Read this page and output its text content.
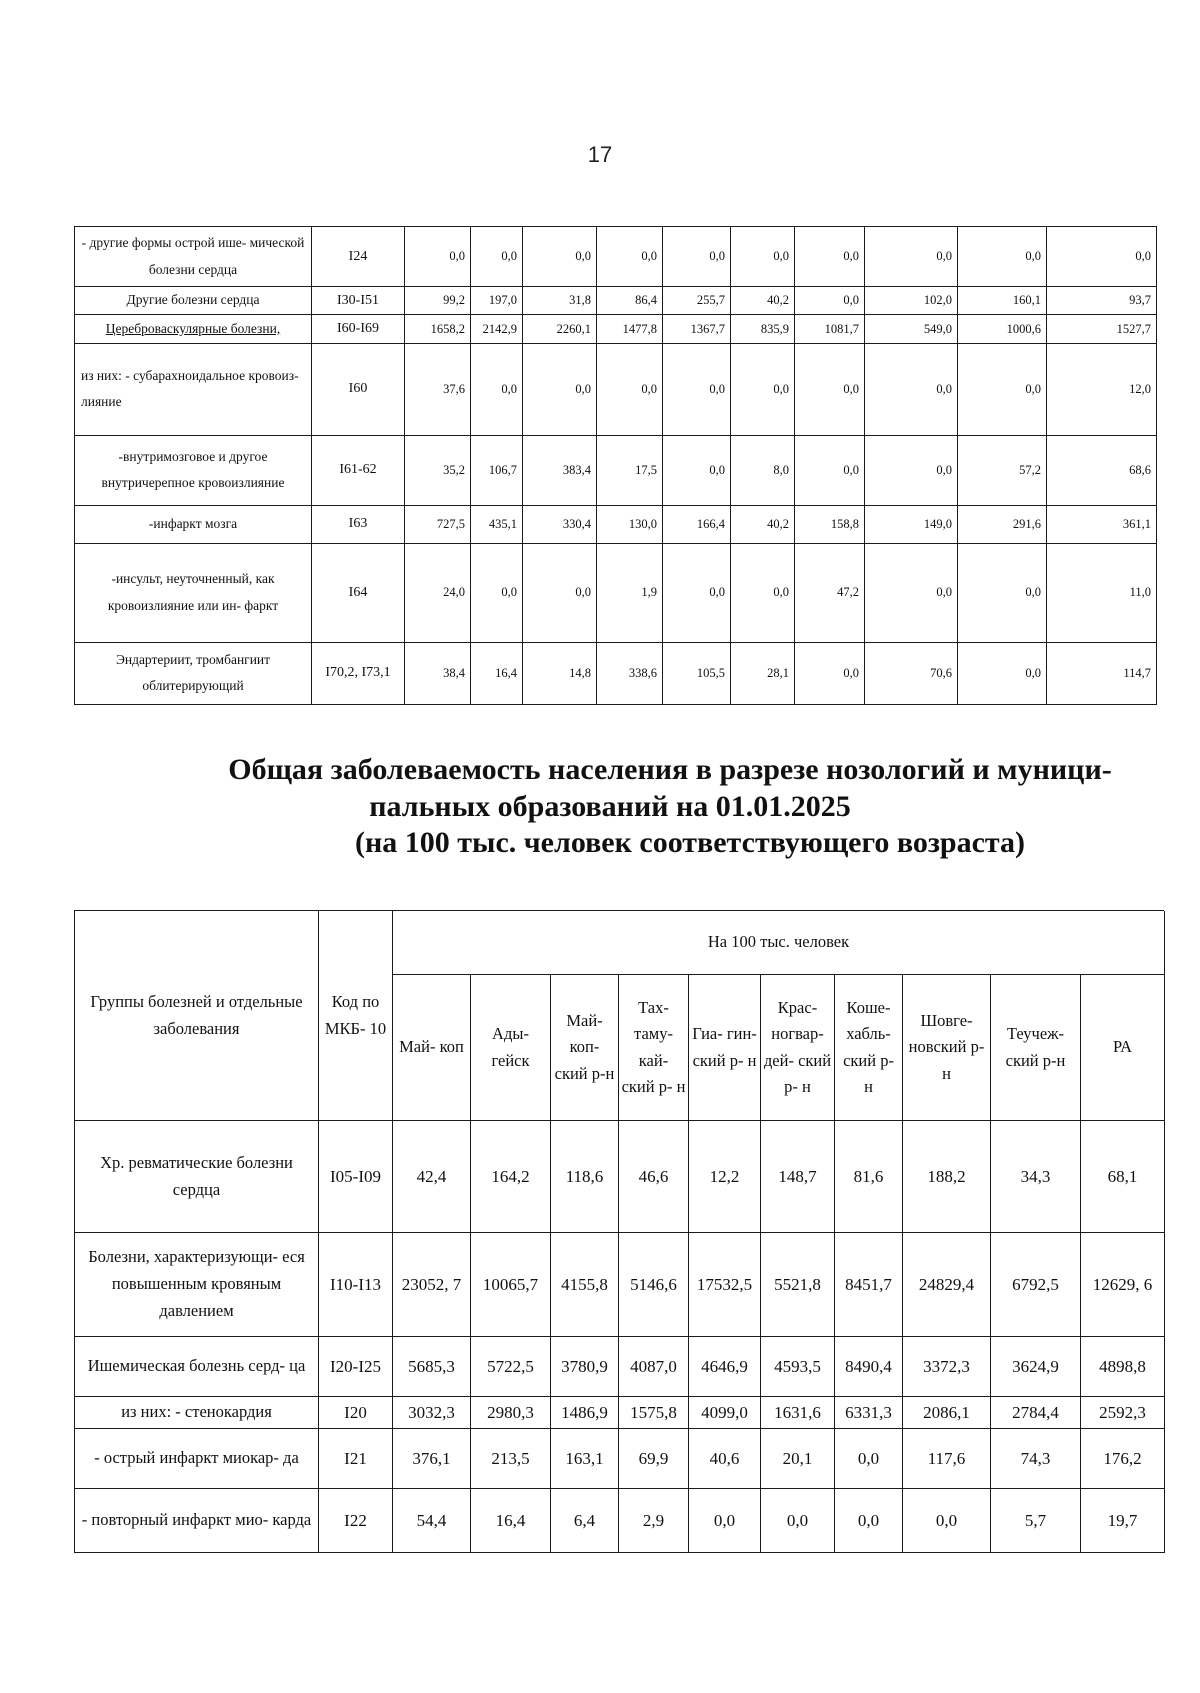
17
- другие формы острой ише- мической болезни сердца	I24	0,0	0,0	0,0	0,0	0,0	0,0	0,0	0,0	0,0	0,0
Другие болезни сердца	I30-I51	99,2	197,0	31,8	86,4	255,7	40,2	0,0	102,0	160,1	93,7
Цереброваскулярные болезни,	I60-I69	1658,2	2142,9	2260,1	1477,8	1367,7	835,9	1081,7	549,0	1000,6	1527,7
из них: - субарахноидальное кровоиз- лияние	I60	37,6	0,0	0,0	0,0	0,0	0,0	0,0	0,0	0,0	12,0
-внутримозговое и другое внутричерепное кровоизлияние	I61-62	35,2	106,7	383,4	17,5	0,0	8,0	0,0	0,0	57,2	68,6
-инфаркт мозга	I63	727,5	435,1	330,4	130,0	166,4	40,2	158,8	149,0	291,6	361,1
-инсульт, неуточненный, как кровоизлияние или ин- фаркт	I64	24,0	0,0	0,0	1,9	0,0	0,0	47,2	0,0	0,0	11,0
Эндартериит, тромбангиит облитерирующий	I70,2, I73,1	38,4	16,4	14,8	338,6	105,5	28,1	0,0	70,6	0,0	114,7
Общая заболеваемость населения в разрезе нозологий и муници-
пальных образований на 01.01.2025
(на 100 тыс. человек соответствующего возраста)
Группы болезней и отдельные заболевания	Код по МКБ- 10	На 100 тыс. человек									
		Май- коп	Ады- гейск	Май- коп- ский р-н	Тах- таму- кай- ский р- н	Гиа- гин- ский р- н	Крас- ногвар- дей- ский р- н	Коше- хабль- ский р- н	Шовге- новский р-н	Теучеж- ский р-н	РА
Хр. ревматические болезни сердца	I05-I09	42,4	164,2	118,6	46,6	12,2	148,7	81,6	188,2	34,3	68,1
Болезни, характеризующи- еся повышенным кровяным давлением	I10-I13	23052, 7	10065,7	4155,8	5146,6	17532,5	5521,8	8451,7	24829,4	6792,5	12629, 6
Ишемическая болезнь серд- ца	I20-I25	5685,3	5722,5	3780,9	4087,0	4646,9	4593,5	8490,4	3372,3	3624,9	4898,8
из них: - стенокардия	I20	3032,3	2980,3	1486,9	1575,8	4099,0	1631,6	6331,3	2086,1	2784,4	2592,3
- острый инфаркт миокар- да	I21	376,1	213,5	163,1	69,9	40,6	20,1	0,0	117,6	74,3	176,2
- повторный инфаркт мио- карда	I22	54,4	16,4	6,4	2,9	0,0	0,0	0,0	0,0	5,7	19,7
